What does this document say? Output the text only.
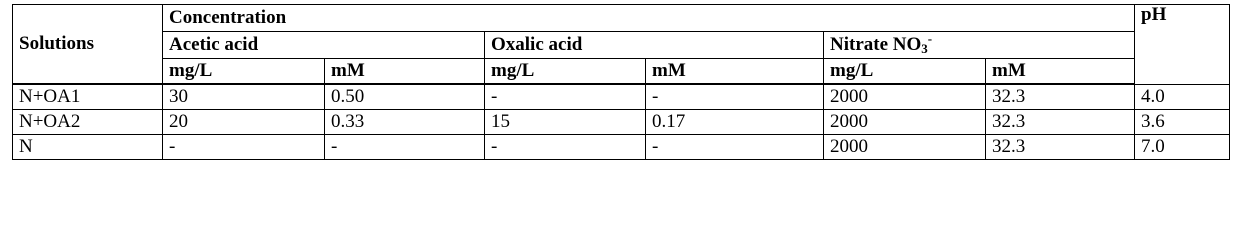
Solutions	Concentration						pH
	Acetic acid		Oxalic acid		Nitrate NO3-
	mg/L	mM	mg/L	mM	mg/L	mM	

N+OA1	30	0.50	-	-	2000	32.3	4.0
N+OA2	20	0.33	15	0.17	2000	32.3	3.6
N	-	-	-	-	2000	32.3	7.0
